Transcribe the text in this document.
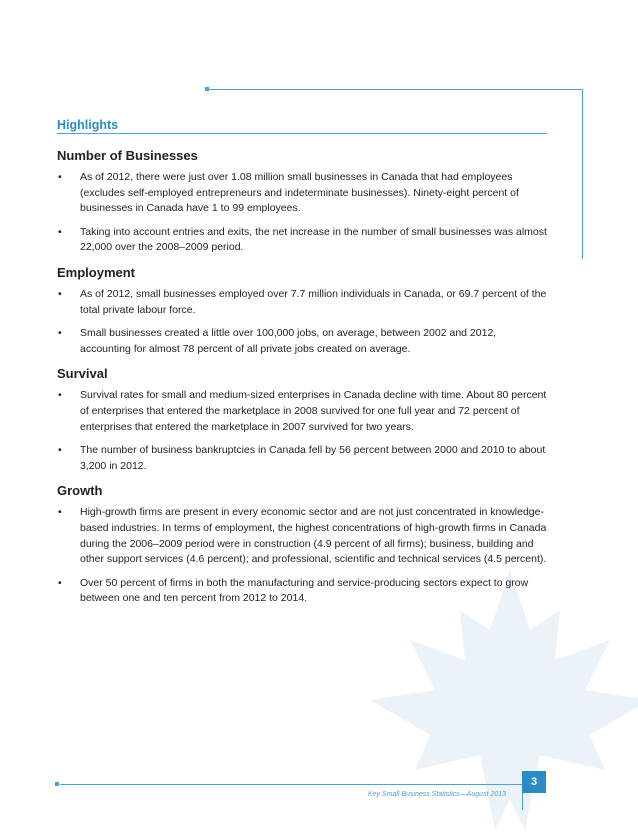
Highlights
Number of Businesses
• As of 2012, there were just over 1.08 million small businesses in Canada that had employees (excludes self-employed entrepreneurs and indeterminate businesses). Ninety-eight percent of businesses in Canada have 1 to 99 employees.
• Taking into account entries and exits, the net increase in the number of small businesses was almost 22,000 over the 2008–2009 period.
Employment
• As of 2012, small businesses employed over 7.7 million individuals in Canada, or 69.7 percent of the total private labour force.
• Small businesses created a little over 100,000 jobs, on average, between 2002 and 2012, accounting for almost 78 percent of all private jobs created on average.
Survival
• Survival rates for small and medium-sized enterprises in Canada decline with time. About 80 percent of enterprises that entered the marketplace in 2008 survived for one full year and 72 percent of enterprises that entered the marketplace in 2007 survived for two years.
• The number of business bankruptcies in Canada fell by 56 percent between 2000 and 2010 to about 3,200 in 2012.
Growth
• High-growth firms are present in every economic sector and are not just concentrated in knowledge-based industries. In terms of employment, the highest concentrations of high-growth firms in Canada during the 2006–2009 period were in construction (4.9 percent of all firms); business, building and other support services (4.6 percent); and professional, scientific and technical services (4.5 percent).
• Over 50 percent of firms in both the manufacturing and service-producing sectors expect to grow between one and ten percent from 2012 to 2014.
Key Small Business Statistics—August 2013
3
